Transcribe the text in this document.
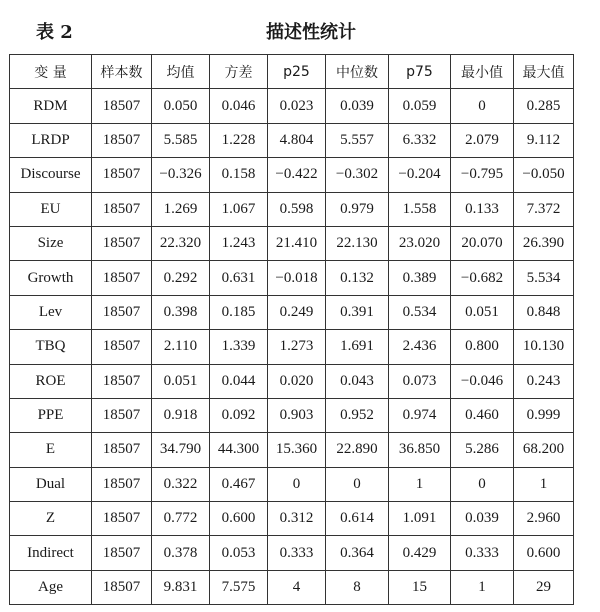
表 2	描述性统计
变 量	样本数	均值	方差	p25	中位数	p75	最小值	最大值
RDM	18507	0.050	0.046	0.023	0.039	0.059	0	0.285
LRDP	18507	5.585	1.228	4.804	5.557	6.332	2.079	9.112
Discourse	18507	−0.326	0.158	−0.422	−0.302	−0.204	−0.795	−0.050
EU	18507	1.269	1.067	0.598	0.979	1.558	0.133	7.372
Size	18507	22.320	1.243	21.410	22.130	23.020	20.070	26.390
Growth	18507	0.292	0.631	−0.018	0.132	0.389	−0.682	5.534
Lev	18507	0.398	0.185	0.249	0.391	0.534	0.051	0.848
TBQ	18507	2.110	1.339	1.273	1.691	2.436	0.800	10.130
ROE	18507	0.051	0.044	0.020	0.043	0.073	−0.046	0.243
PPE	18507	0.918	0.092	0.903	0.952	0.974	0.460	0.999
E	18507	34.790	44.300	15.360	22.890	36.850	5.286	68.200
Dual	18507	0.322	0.467	0	0	1	0	1
Z	18507	0.772	0.600	0.312	0.614	1.091	0.039	2.960
Indirect	18507	0.378	0.053	0.333	0.364	0.429	0.333	0.600
Age	18507	9.831	7.575	4	8	15	1	29
